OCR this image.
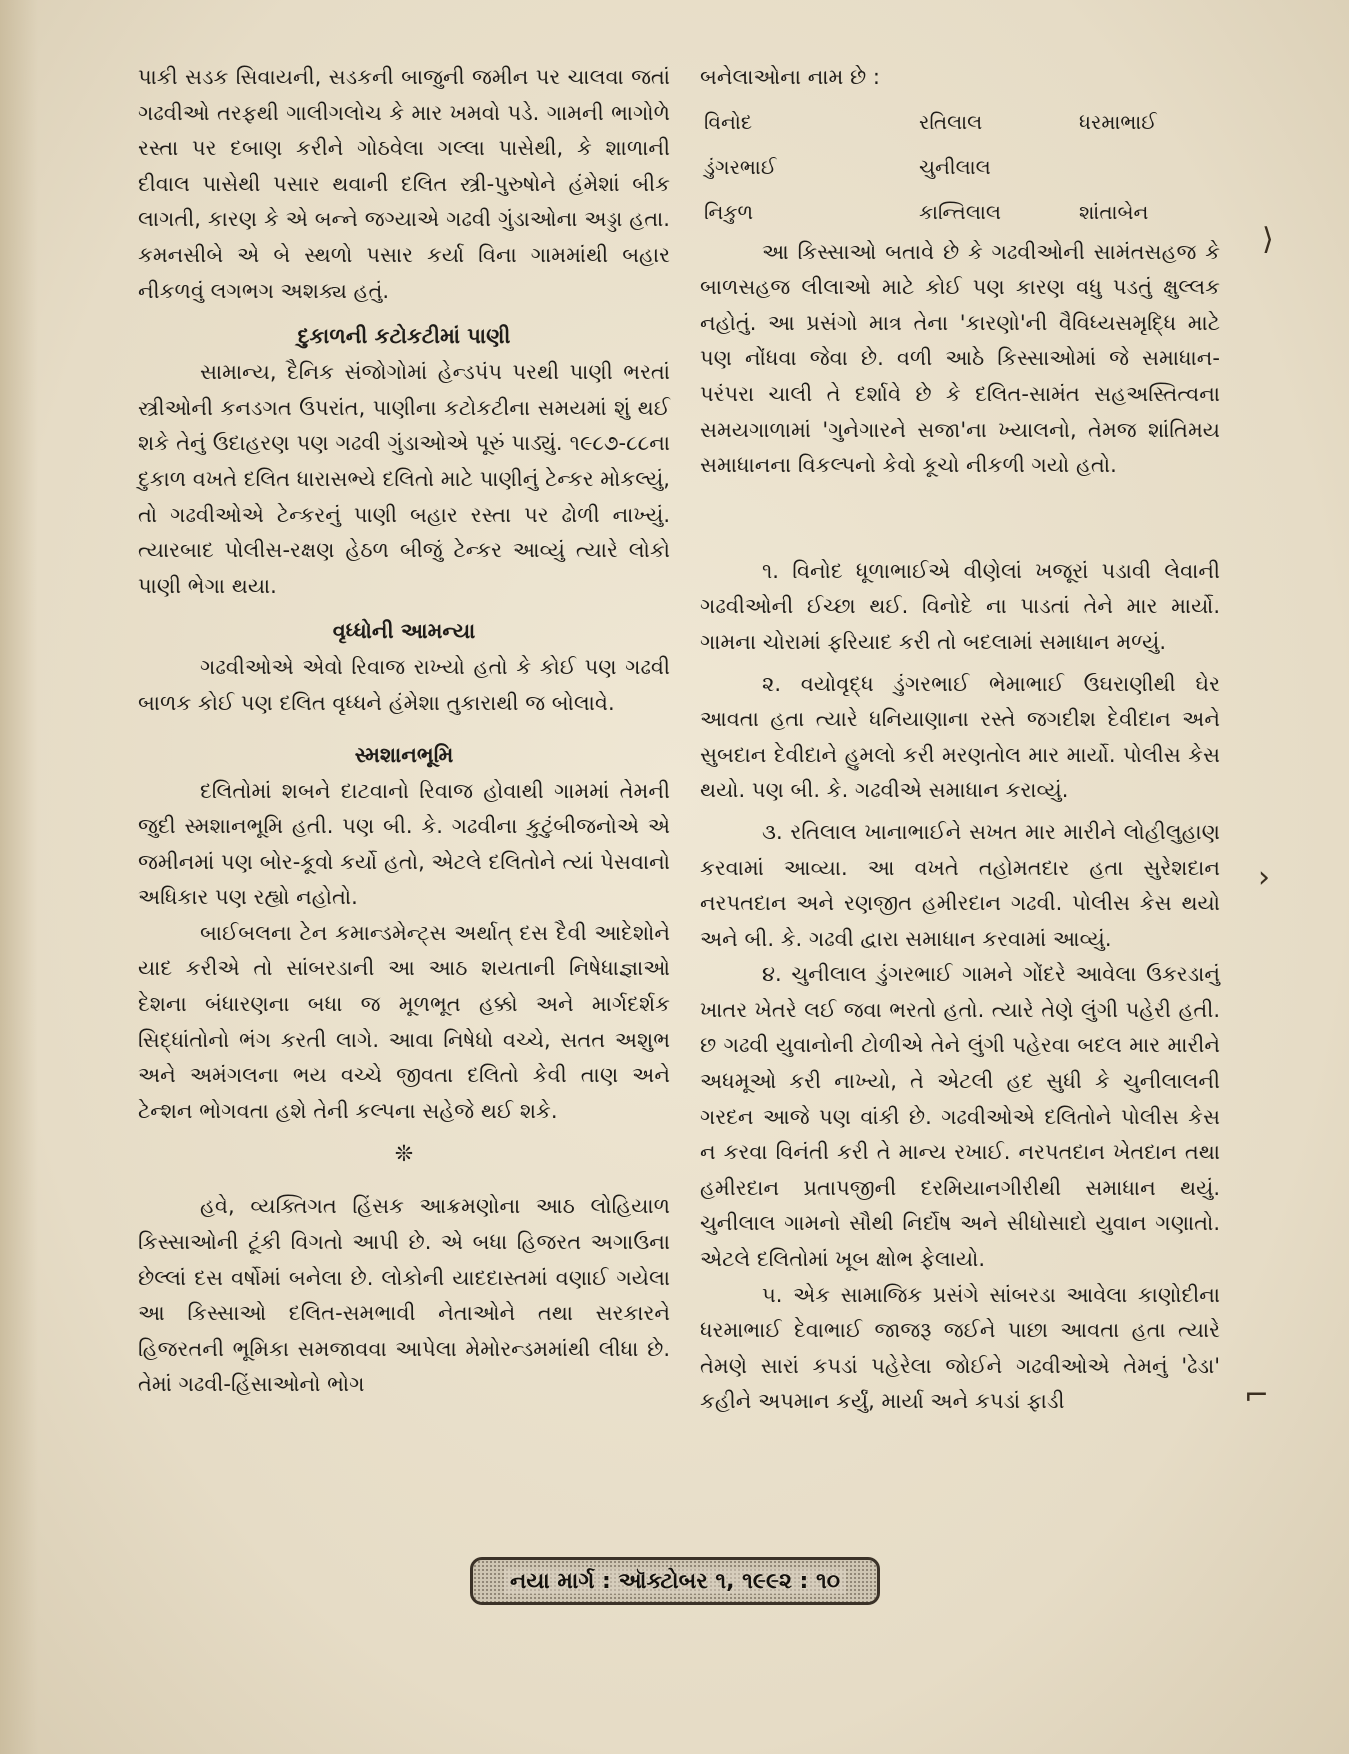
પાકી સડક સિવાયની, સડકની બાજુની જમીન પર ચાલવા જતાં ગઢવીઓ તરફથી ગાલીગલોચ કે માર ખમવો પડે. ગામની ભાગોળે રસ્તા પર દબાણ કરીને ગોઠવેલા ગલ્લા પાસેથી, કે શાળાની દીવાલ પાસેથી પસાર થવાની દલિત સ્ત્રી-પુરુષોને હંમેશાં બીક લાગતી, કારણ કે એ બન્ને જગ્યાએ ગઢવી ગુંડાઓના અડ્ડા હતા. કમનસીબે એ બે સ્થળો પસાર કર્યા વિના ગામમાંથી બહાર નીકળવું લગભગ અશક્ય હતું.

દુકાળની કટોકટીમાં પાણી

સામાન્ય, દૈનિક સંજોગોમાં હેન્ડપંપ પરથી પાણી ભરતાં સ્ત્રીઓની કનડગત ઉપરાંત, પાણીના કટોકટીના સમયમાં શું થઈ શકે તેનું ઉદાહરણ પણ ગઢવી ગુંડાઓએ પૂરું પાડ્યું. ૧૯૮૭-૮૮ના દુકાળ વખતે દલિત ધારાસભ્યે દલિતો માટે પાણીનું ટેન્કર મોકલ્યું, તો ગઢવીઓએ ટેન્કરનું પાણી બહાર રસ્તા પર ઢોળી નાખ્યું. ત્યારબાદ પોલીસ-રક્ષણ હેઠળ બીજું ટેન્કર આવ્યું ત્યારે લોકો પાણી ભેગા થયા.

વૃધ્ધોની આમન્યા

ગઢવીઓએ એવો રિવાજ રાખ્યો હતો કે કોઈ પણ ગઢવી બાળક કોઈ પણ દલિત વૃધ્ધને હંમેશા તુકારાથી જ બોલાવે.

સ્મશાનભૂમિ

દલિતોમાં શબને દાટવાનો રિવાજ હોવાથી ગામમાં તેમની જુદી સ્મશાનભૂમિ હતી. પણ બી. કે. ગઢવીના કુટુંબીજનોએ એ જમીનમાં પણ બોર-કૂવો કર્યો હતો, એટલે દલિતોને ત્યાં પેસવાનો અધિકાર પણ રહ્યો નહોતો.

બાઈબલના ટેન કમાન્ડમેન્ટ્સ અર્થાત્ દસ દૈવી આદેશોને યાદ કરીએ તો સાંબરડાની આ આઠ શયતાની નિષેધાજ્ઞાઓ દેશના બંધારણના બધા જ મૂળભૂત હક્કો અને માર્ગદર્શક સિદ્ધાંતોનો ભંગ કરતી લાગે. આવા નિષેધો વચ્ચે, સતત અશુભ અને અમંગલના ભય વચ્ચે જીવતા દલિતો કેવી તાણ અને ટેન્શન ભોગવતા હશે તેની કલ્પના સહેજે થઈ શકે.

❊

હવે, વ્યક્તિગત હિંસક આક્રમણોના આઠ લોહિયાળ કિસ્સાઓની ટૂંકી વિગતો આપી છે. એ બધા હિજરત અગાઉના છેલ્લાં દસ વર્ષોમાં બનેલા છે. લોકોની યાદદાસ્તમાં વણાઈ ગયેલા આ કિસ્સાઓ દલિત-સમભાવી નેતાઓને તથા સરકારને હિજરતની ભૂમિકા સમજાવવા આપેલા મેમોરન્ડમમાંથી લીધા છે. તેમાં ગઢવી-હિંસાઓનો ભોગ

બનેલાઓના નામ છે :

વિનોદ	રતિલાલ	ધરમાભાઈ
ડુંગરભાઈ	ચુનીલાલ
નિકુળ	કાન્તિલાલ	શાંતાબેન

આ કિસ્સાઓ બતાવે છે કે ગઢવીઓની સામંતસહજ કે બાળસહજ લીલાઓ માટે કોઈ પણ કારણ વધુ પડતું ક્ષુલ્લક નહોતું. આ પ્રસંગો માત્ર તેના 'કારણો'ની વૈવિધ્યસમૃદ્ધિ માટે પણ નોંધવા જેવા છે. વળી આઠે કિસ્સાઓમાં જે સમાધાન-પરંપરા ચાલી તે દર્શાવે છે કે દલિત-સામંત સહઅસ્તિત્વના સમયગાળામાં 'ગુનેગારને સજા'ના ખ્યાલનો, તેમજ શાંતિમય સમાધાનના વિકલ્પનો કેવો કૂચો નીકળી ગયો હતો.

૧. વિનોદ ધૂળાભાઈએ વીણેલાં ખજૂરાં પડાવી લેવાની ગઢવીઓની ઈચ્છા થઈ. વિનોદે ના પાડતાં તેને માર માર્યો. ગામના ચોરામાં ફરિયાદ કરી તો બદલામાં સમાધાન મળ્યું.

૨. વયોવૃદ્ધ ડુંગરભાઈ ભેમાભાઈ ઉઘરાણીથી ઘેર આવતા હતા ત્યારે ધનિયાણાના રસ્તે જગદીશ દેવીદાન અને સુબદાન દેવીદાને હુમલો કરી મરણતોલ માર માર્યો. પોલીસ કેસ થયો. પણ બી. કે. ગઢવીએ સમાધાન કરાવ્યું.

૩. રતિલાલ ખાનાભાઈને સખત માર મારીને લોહીલુહાણ કરવામાં આવ્યા. આ વખતે તહોમતદાર હતા સુરેશદાન નરપતદાન અને રણજીત હમીરદાન ગઢવી. પોલીસ કેસ થયો અને બી. કે. ગઢવી દ્વારા સમાધાન કરવામાં આવ્યું.

૪. ચુનીલાલ ડુંગરભાઈ ગામને ગોંદરે આવેલા ઉકરડાનું ખાતર ખેતરે લઈ જવા ભરતો હતો. ત્યારે તેણે લુંગી પહેરી હતી. છ ગઢવી યુવાનોની ટોળીએ તેને લુંગી પહેરવા બદલ માર મારીને અધમૂઓ કરી નાખ્યો, તે એટલી હદ સુધી કે ચુનીલાલની ગરદન આજે પણ વાંકી છે. ગઢવીઓએ દલિતોને પોલીસ કેસ ન કરવા વિનંતી કરી તે માન્ય રખાઈ. નરપતદાન ખેતદાન તથા હમીરદાન પ્રતાપજીની દરમિયાનગીરીથી સમાધાન થયું. ચુનીલાલ ગામનો સૌથી નિર્દોષ અને સીધોસાદો યુવાન ગણાતો. એટલે દલિતોમાં ખૂબ ક્ષોભ ફેલાયો.

૫. એક સામાજિક પ્રસંગે સાંબરડા આવેલા કાણોદીના ધરમાભાઈ દેવાભાઈ જાજરૂ જઈને પાછા આવતા હતા ત્યારે તેમણે સારાં કપડાં પહેરેલા જોઈને ગઢવીઓએ તેમનું 'ઢેડા' કહીને અપમાન કર્યું, માર્યા અને કપડાં ફાડી

⟩
›
⌐
નયા માર્ગ : ઑક્ટોબર ૧, ૧૯૯૨ : ૧૦
